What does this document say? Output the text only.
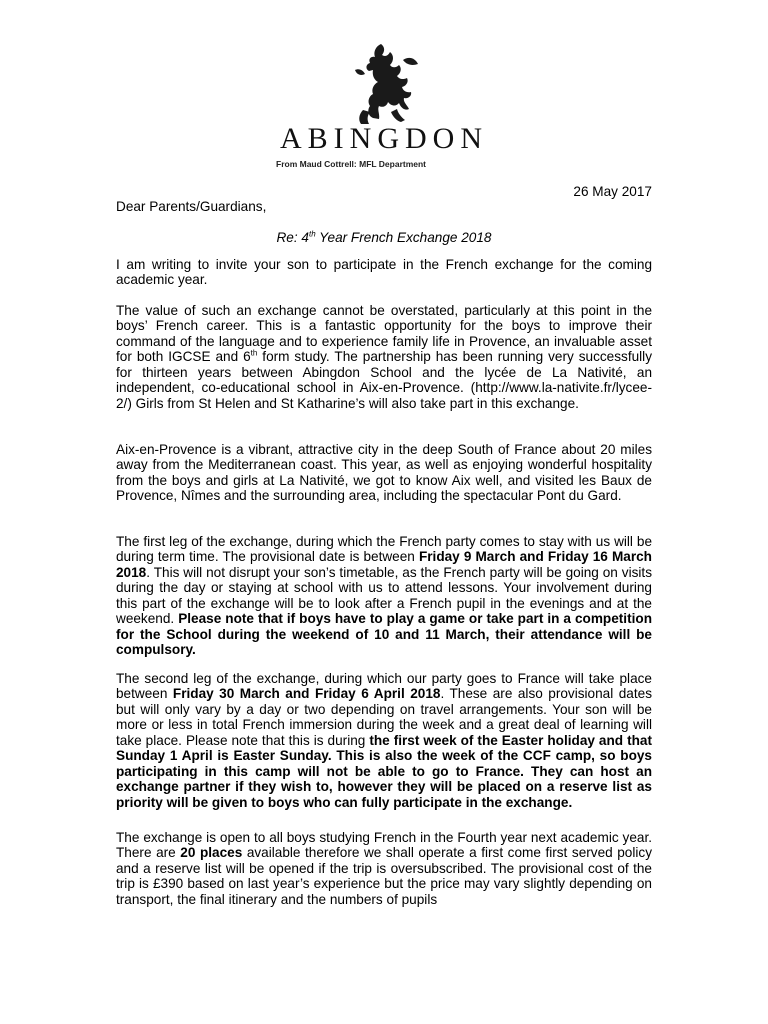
ABINGDON
From Maud Cottrell: MFL Department
26 May 2017
Dear Parents/Guardians,
Re: 4th Year French Exchange 2018

I am writing to invite your son to participate in the French exchange for the coming academic year.

The value of such an exchange cannot be overstated, particularly at this point in the boys’ French career. This is a fantastic opportunity for the boys to improve their command of the language and to experience family life in Provence, an invaluable asset for both IGCSE and 6th form study. The partnership has been running very successfully for thirteen years between Abingdon School and the lycée de La Nativité, an independent, co-educational school in Aix-en-Provence. (http://www.la-nativite.fr/lycee-2/) Girls from St Helen and St Katharine’s will also take part in this exchange.

Aix-en-Provence is a vibrant, attractive city in the deep South of France about 20 miles away from the Mediterranean coast. This year, as well as enjoying wonderful hospitality from the boys and girls at La Nativité, we got to know Aix well, and visited les Baux de Provence, Nîmes and the surrounding area, including the spectacular Pont du Gard.

The first leg of the exchange, during which the French party comes to stay with us will be during term time. The provisional date is between Friday 9 March and Friday 16 March 2018. This will not disrupt your son’s timetable, as the French party will be going on visits during the day or staying at school with us to attend lessons. Your involvement during this part of the exchange will be to look after a French pupil in the evenings and at the weekend. Please note that if boys have to play a game or take part in a competition for the School during the weekend of 10 and 11 March, their attendance will be compulsory.

The second leg of the exchange, during which our party goes to France will take place between Friday 30 March and Friday 6 April 2018. These are also provisional dates but will only vary by a day or two depending on travel arrangements. Your son will be more or less in total French immersion during the week and a great deal of learning will take place. Please note that this is during the first week of the Easter holiday and that Sunday 1 April is Easter Sunday. This is also the week of the CCF camp, so boys participating in this camp will not be able to go to France. They can host an exchange partner if they wish to, however they will be placed on a reserve list as priority will be given to boys who can fully participate in the exchange.

The exchange is open to all boys studying French in the Fourth year next academic year. There are 20 places available therefore we shall operate a first come first served policy and a reserve list will be opened if the trip is oversubscribed. The provisional cost of the trip is £390 based on last year’s experience but the price may vary slightly depending on transport, the final itinerary and the numbers of pupils
